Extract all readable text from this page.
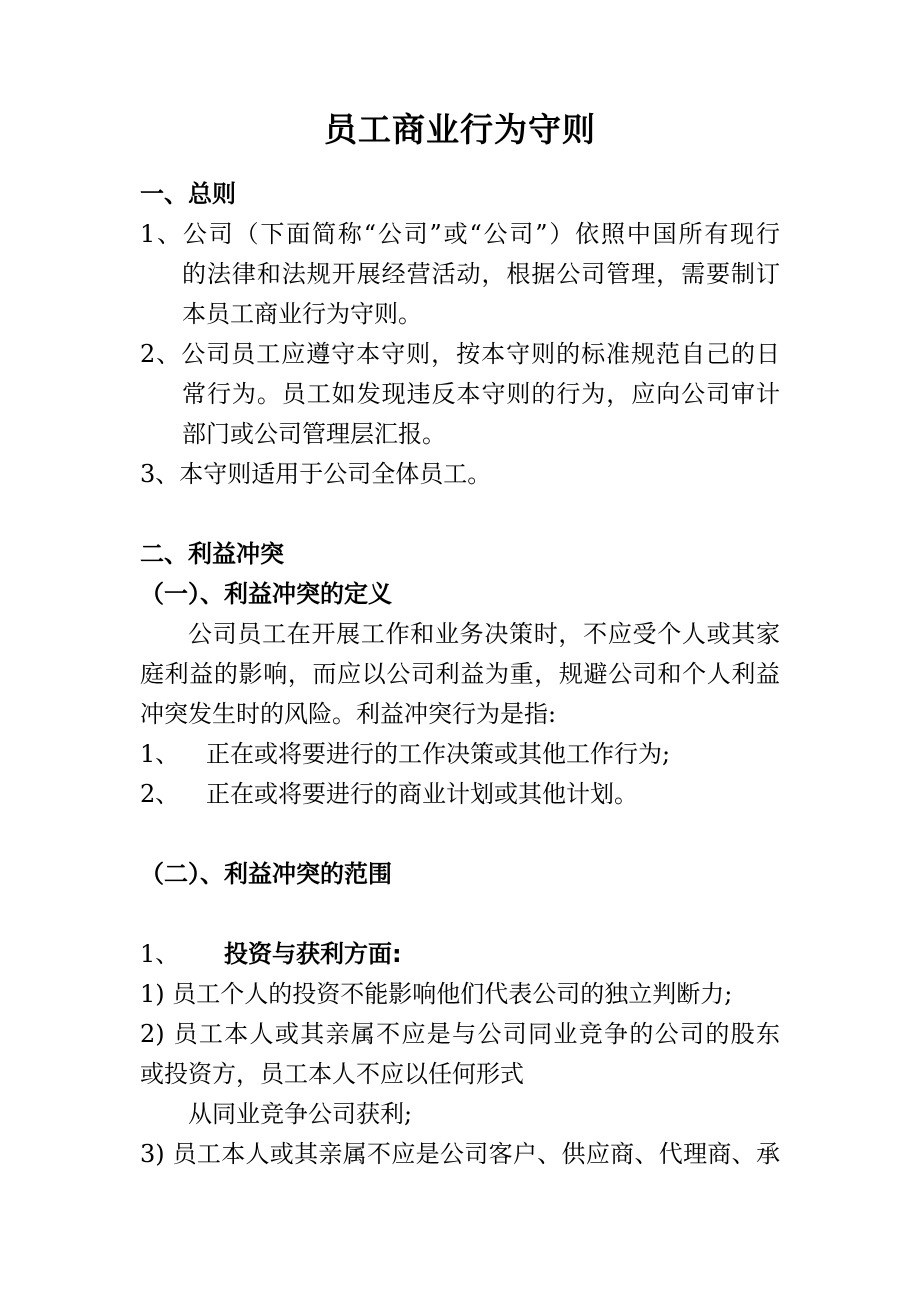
员工商业行为守则
一、总则
1、公司（下面简称“公司”或“公司”）依照中国所有现行
的法律和法规开展经营活动，根据公司管理，需要制订
本员工商业行为守则。
2、公司员工应遵守本守则，按本守则的标准规范自己的日
常行为。员工如发现违反本守则的行为，应向公司审计
部门或公司管理层汇报。
3、本守则适用于公司全体员工。
二、利益冲突
（一）、利益冲突的定义
公司员工在开展工作和业务决策时，不应受个人或其家
庭利益的影响，而应以公司利益为重，规避公司和个人利益
冲突发生时的风险。利益冲突行为是指:
1、 正在或将要进行的工作决策或其他工作行为;
2、 正在或将要进行的商业计划或其他计划。
（二）、利益冲突的范围
1、 投资与获利方面:
1) 员工个人的投资不能影响他们代表公司的独立判断力;
2) 员工本人或其亲属不应是与公司同业竞争的公司的股东
或投资方，员工本人不应以任何形式
从同业竞争公司获利;
3) 员工本人或其亲属不应是公司客户、供应商、代理商、承
